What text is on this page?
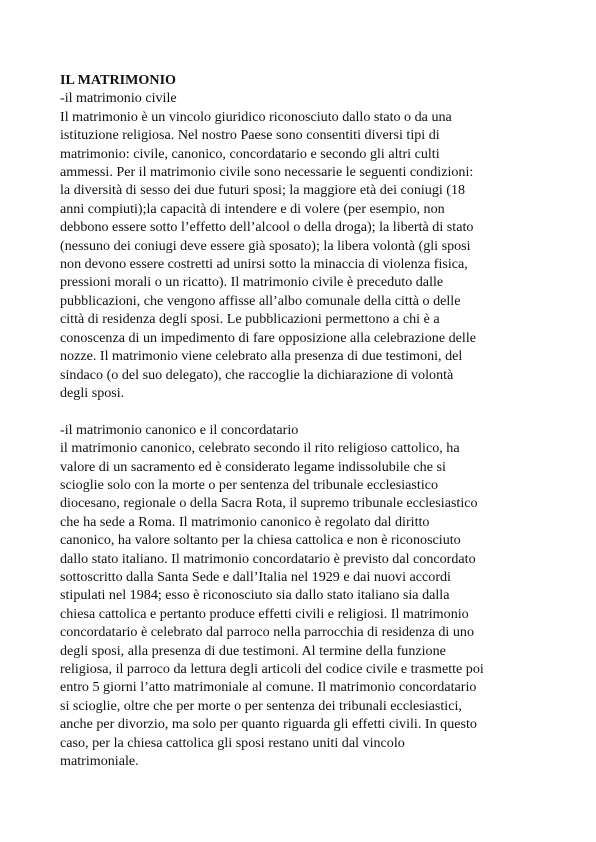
IL MATRIMONIO

-il matrimonio civile

Il matrimonio è un vincolo giuridico riconosciuto dallo stato o da una

istituzione religiosa. Nel nostro Paese sono consentiti diversi tipi di

matrimonio: civile, canonico, concordatario e secondo gli altri culti

ammessi. Per il matrimonio civile sono necessarie le seguenti condizioni:

la diversità di sesso dei due futuri sposi; la maggiore età dei coniugi (18

anni compiuti);la capacità di intendere e di volere (per esempio, non

debbono essere sotto l’effetto dell’alcool o della droga); la libertà di stato

(nessuno dei coniugi deve essere già sposato); la libera volontà (gli sposi

non devono essere costretti ad unirsi sotto la minaccia di violenza fisica,

pressioni morali o un ricatto). Il matrimonio civile è preceduto dalle

pubblicazioni, che vengono affisse all’albo comunale della città o delle

città di residenza degli sposi. Le pubblicazioni permettono a chi è a

conoscenza di un impedimento di fare opposizione alla celebrazione delle

nozze. Il matrimonio viene celebrato alla presenza di due testimoni, del

sindaco (o del suo delegato), che raccoglie la dichiarazione di volontà

degli sposi.

-il matrimonio canonico e il concordatario

il matrimonio canonico, celebrato secondo il rito religioso cattolico, ha

valore di un sacramento ed è considerato legame indissolubile che si

scioglie solo con la morte o per sentenza del tribunale ecclesiastico

diocesano, regionale o della Sacra Rota, il supremo tribunale ecclesiastico

che ha sede a Roma. Il matrimonio canonico è regolato dal diritto

canonico, ha valore soltanto per la chiesa cattolica e non è riconosciuto

dallo stato italiano. Il matrimonio concordatario è previsto dal concordato

sottoscritto dalla Santa Sede e dall’Italia nel 1929 e dai nuovi accordi

stipulati nel 1984; esso è riconosciuto sia dallo stato italiano sia dalla

chiesa cattolica e pertanto produce effetti civili e religiosi. Il matrimonio

concordatario è celebrato dal parroco nella parrocchia di residenza di uno

degli sposi, alla presenza di due testimoni. Al termine della funzione

religiosa, il parroco da lettura degli articoli del codice civile e trasmette poi

entro 5 giorni l’atto matrimoniale al comune. Il matrimonio concordatario

si scioglie, oltre che per morte o per sentenza dei tribunali ecclesiastici,

anche per divorzio, ma solo per quanto riguarda gli effetti civili. In questo

caso, per la chiesa cattolica gli sposi restano uniti dal vincolo

matrimoniale.
